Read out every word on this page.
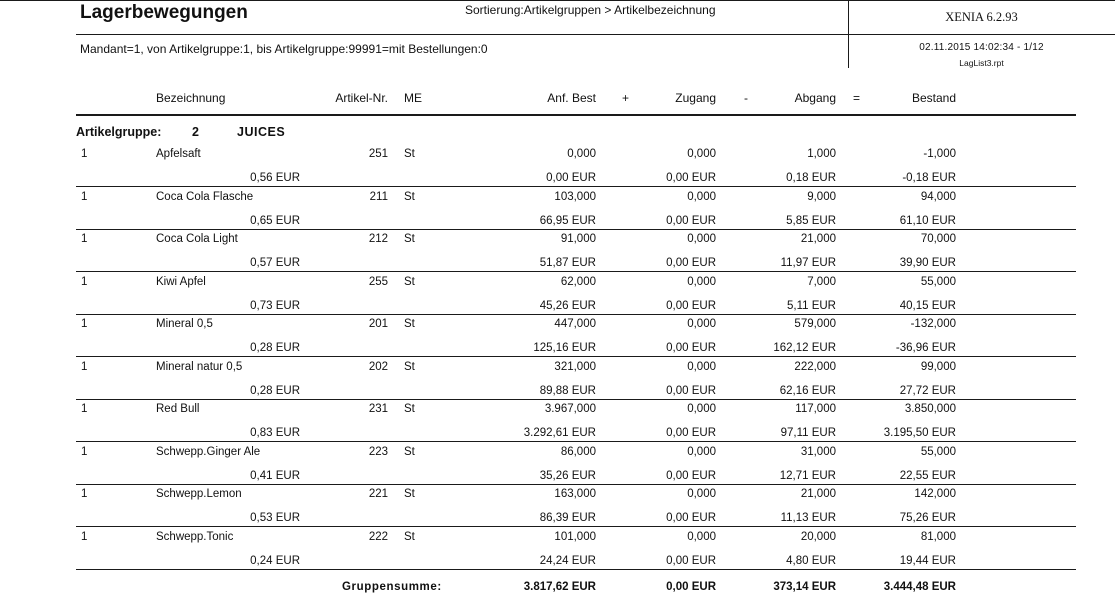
Lagerbewegungen	Sortierung:Artikelgruppen > Artikelbezeichnung	XENIA 6.2.93
Mandant=1, von Artikelgruppe:1, bis Artikelgruppe:99991=mit Bestellungen:0	02.11.2015 14:02:34 - 1/12
LagList3.rpt
Bezeichnung	Artikel-Nr. ME	Anf. Best +	Zugang -	Abgang =	Bestand
Artikelgruppe: 2	JUICES
1	Apfelsaft	251 St	0,000	0,000	1,000	-1,000
0,56 EUR	0,00 EUR	0,00 EUR	0,18 EUR	-0,18 EUR
1	Coca Cola Flasche	211 St	103,000	0,000	9,000	94,000
0,65 EUR	66,95 EUR	0,00 EUR	5,85 EUR	61,10 EUR
1	Coca Cola Light	212 St	91,000	0,000	21,000	70,000
0,57 EUR	51,87 EUR	0,00 EUR	11,97 EUR	39,90 EUR
1	Kiwi Apfel	255 St	62,000	0,000	7,000	55,000
0,73 EUR	45,26 EUR	0,00 EUR	5,11 EUR	40,15 EUR
1	Mineral 0,5	201 St	447,000	0,000	579,000	-132,000
0,28 EUR	125,16 EUR	0,00 EUR	162,12 EUR	-36,96 EUR
1	Mineral natur 0,5	202 St	321,000	0,000	222,000	99,000
0,28 EUR	89,88 EUR	0,00 EUR	62,16 EUR	27,72 EUR
1	Red Bull	231 St	3.967,000	0,000	117,000	3.850,000
0,83 EUR	3.292,61 EUR	0,00 EUR	97,11 EUR	3.195,50 EUR
1	Schwepp.Ginger Ale	223 St	86,000	0,000	31,000	55,000
0,41 EUR	35,26 EUR	0,00 EUR	12,71 EUR	22,55 EUR
1	Schwepp.Lemon	221 St	163,000	0,000	21,000	142,000
0,53 EUR	86,39 EUR	0,00 EUR	11,13 EUR	75,26 EUR
1	Schwepp.Tonic	222 St	101,000	0,000	20,000	81,000
0,24 EUR	24,24 EUR	0,00 EUR	4,80 EUR	19,44 EUR
Gruppensumme:	3.817,62 EUR	0,00 EUR	373,14 EUR	3.444,48 EUR
